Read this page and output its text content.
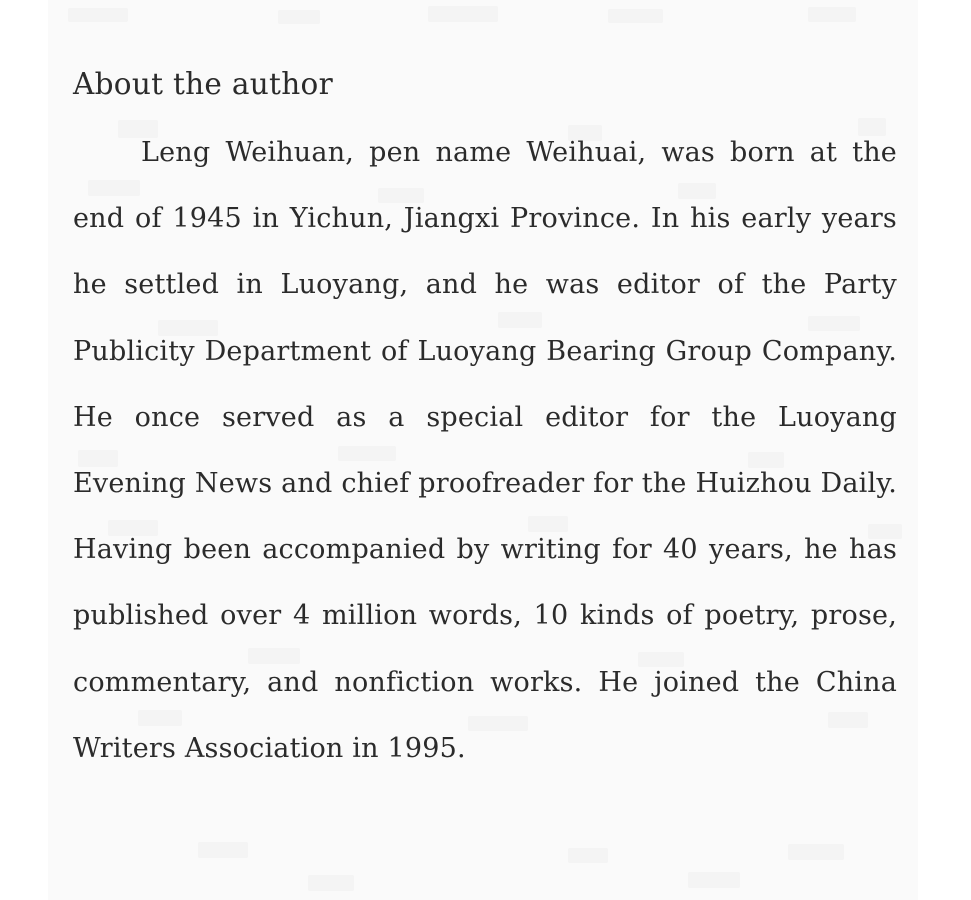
About the author

Leng Weihuan, pen name Weihuai, was born at the end of 1945 in Yichun, Jiangxi Province. In his early years he settled in Luoyang, and he was editor of the Party Publicity Department of Luoyang Bearing Group Company. He once served as a special editor for the Luoyang Evening News and chief proofreader for the Huizhou Daily. Having been accompanied by writing for 40 years, he has published over 4 million words, 10 kinds of poetry, prose, commentary, and nonfiction works. He joined the China Writers Association in 1995.
